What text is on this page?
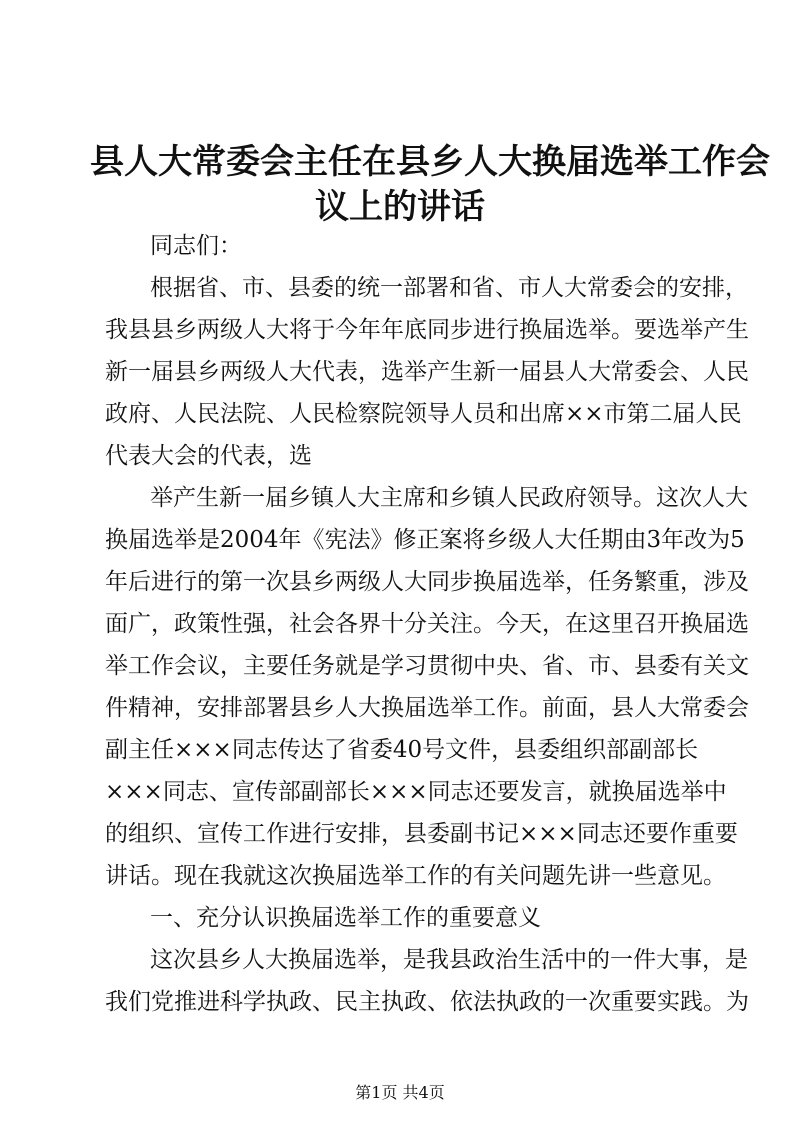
县人大常委会主任在县乡人大换届选举工作会
议上的讲话
同志们：
根据省、市、县委的统一部署和省、市人大常委会的安排，
我县县乡两级人大将于今年年底同步进行换届选举。要选举产生
新一届县乡两级人大代表，选举产生新一届县人大常委会、人民
政府、人民法院、人民检察院领导人员和出席××市第二届人民
代表大会的代表，选
举产生新一届乡镇人大主席和乡镇人民政府领导。这次人大
换届选举是2004年《宪法》修正案将乡级人大任期由3年改为5
年后进行的第一次县乡两级人大同步换届选举，任务繁重，涉及
面广，政策性强，社会各界十分关注。今天，在这里召开换届选
举工作会议，主要任务就是学习贯彻中央、省、市、县委有关文
件精神，安排部署县乡人大换届选举工作。前面，县人大常委会
副主任×××同志传达了省委40号文件，县委组织部副部长
×××同志、宣传部副部长×××同志还要发言，就换届选举中
的组织、宣传工作进行安排，县委副书记×××同志还要作重要
讲话。现在我就这次换届选举工作的有关问题先讲一些意见。
一、充分认识换届选举工作的重要意义
这次县乡人大换届选举，是我县政治生活中的一件大事，是
我们党推进科学执政、民主执政、依法执政的一次重要实践。为
第1页 共4页
